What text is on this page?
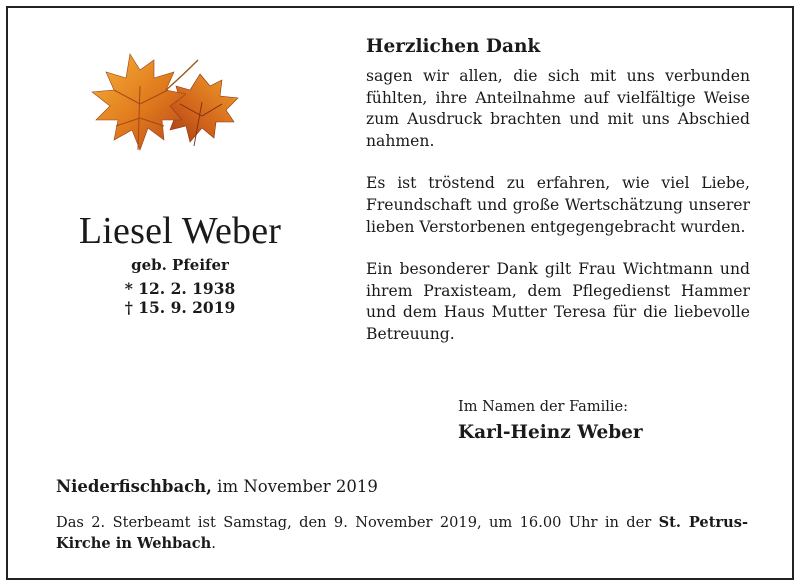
Liesel Weber
geb. Pfeifer
* 12. 2. 1938
† 15. 9. 2019
Herzlichen Dank

sagen wir allen, die sich mit uns verbunden fühlten, ihre Anteilnahme auf vielfältige Weise zum Ausdruck brachten und mit uns Abschied nahmen.

Es ist tröstend zu erfahren, wie viel Liebe, Freundschaft und große Wertschätzung unserer lieben Verstorbenen entgegengebracht wurden.

Ein besonderer Dank gilt Frau Wichtmann und ihrem Praxisteam, dem Pflegedienst Hammer und dem Haus Mutter Teresa für die liebevolle Betreuung.

Im Namen der Familie:
Karl-Heinz Weber
Niederfischbach, im November 2019
Das 2. Sterbeamt ist Samstag, den 9. November 2019, um 16.00 Uhr in der St. Petrus-Kirche in Wehbach.
